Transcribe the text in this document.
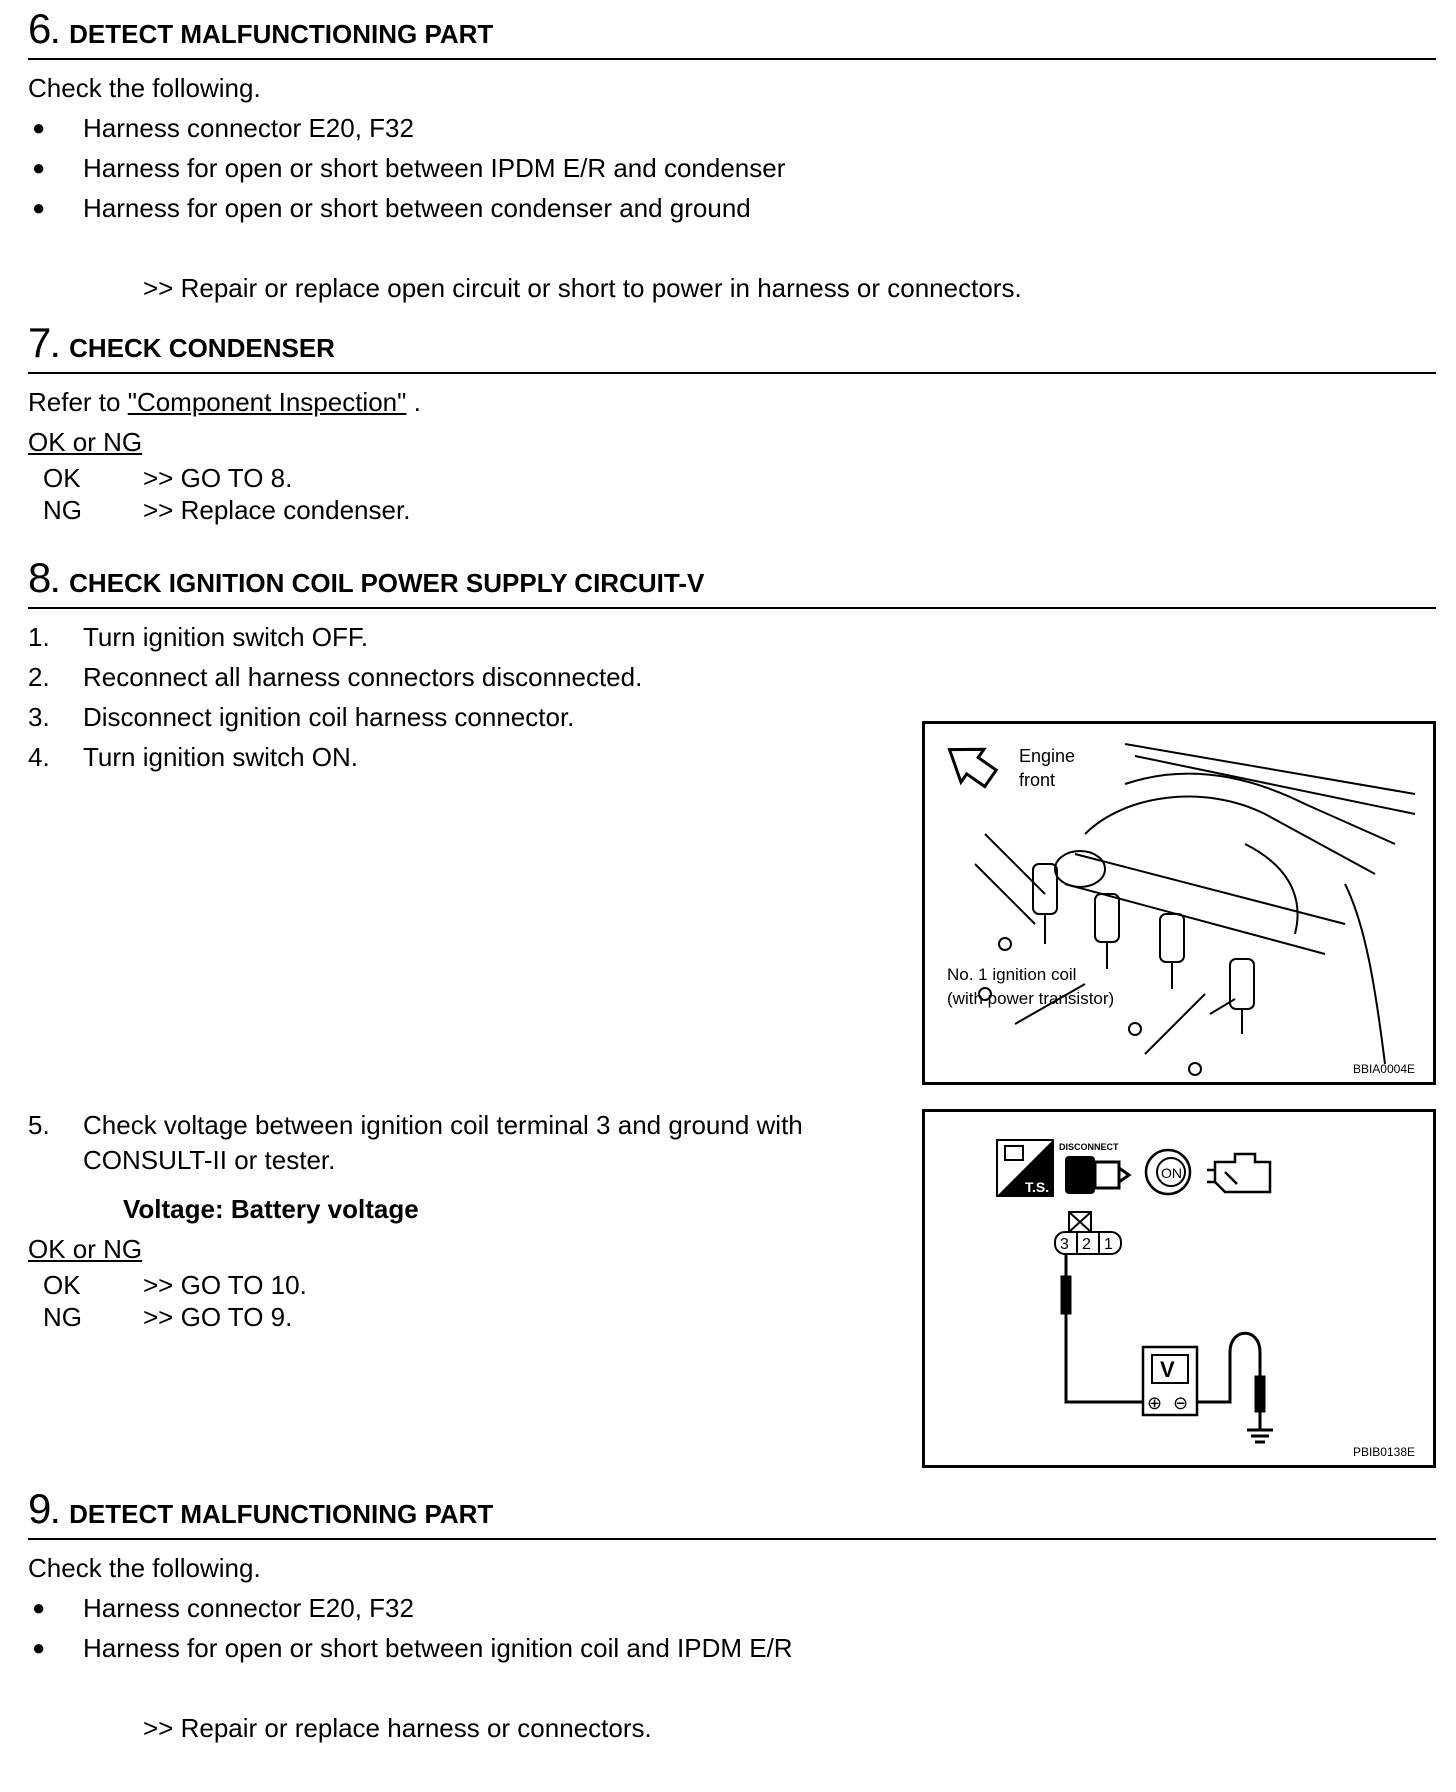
6 . DETECT MALFUNCTIONING PART
Check the following.
●	Harness connector E20, F32
●	Harness for open or short between IPDM E/R and condenser
●	Harness for open or short between condenser and ground
>> Repair or replace open circuit or short to power in harness or connectors.
7 . CHECK CONDENSER
Refer to "Component Inspection" .
OK or NG
OK	>> GO TO 8.
NG	>> Replace condenser.
8 . CHECK IGNITION COIL POWER SUPPLY CIRCUIT-V
1.	Turn ignition switch OFF.
2.	Reconnect all harness connectors disconnected.
3.	Disconnect ignition coil harness connector.
4.	Turn ignition switch ON.
5.	Check voltage between ignition coil terminal 3 and ground with
CONSULT-II or tester.
Voltage: Battery voltage
OK or NG
OK	>> GO TO 10.
NG	>> GO TO 9.
9 . DETECT MALFUNCTIONING PART
Check the following.
●	Harness connector E20, F32
●	Harness for open or short between ignition coil and IPDM E/R
>> Repair or replace harness or connectors.
Engine
front
No. 1 ignition coil
(with power transistor)
BBIA0004E
T.S.
DISCONNECT
ON
3 2 1
V
⊕ ⊖
PBIB0138E
